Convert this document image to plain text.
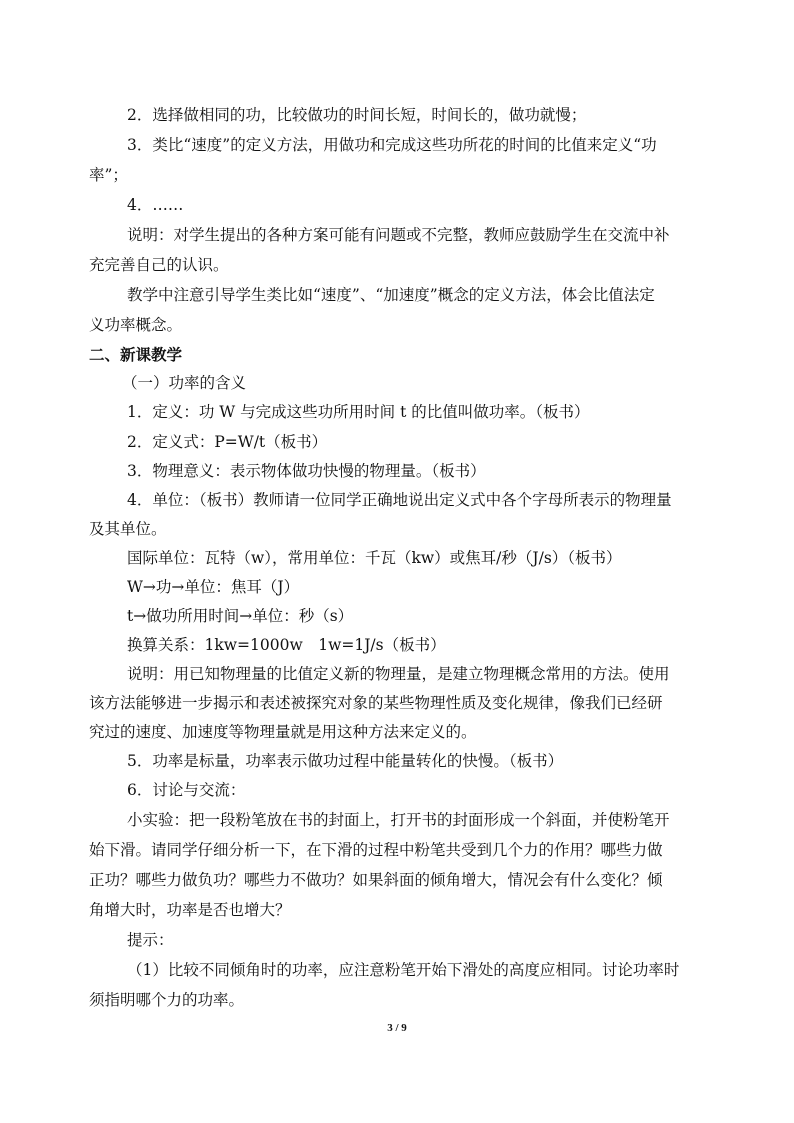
2．选择做相同的功，比较做功的时间长短，时间长的，做功就慢；
3．类比“速度”的定义方法，用做功和完成这些功所花的时间的比值来定义“功
率”；
4．……
说明：对学生提出的各种方案可能有问题或不完整，教师应鼓励学生在交流中补
充完善自己的认识。
教学中注意引导学生类比如“速度”、“加速度”概念的定义方法，体会比值法定
义功率概念。
二、新课教学
（一）功率的含义
1．定义：功 W 与完成这些功所用时间 t 的比值叫做功率。（板书）
2．定义式：P=W/t（板书）
3．物理意义：表示物体做功快慢的物理量。（板书）
4．单位：（板书）教师请一位同学正确地说出定义式中各个字母所表示的物理量
及其单位。
国际单位：瓦特（w），常用单位：千瓦（kw）或焦耳/秒（J/s）（板书）
W→功→单位：焦耳（J）
t→做功所用时间→单位：秒（s）
换算关系：1kw=1000w　1w=1J/s（板书）
说明：用已知物理量的比值定义新的物理量，是建立物理概念常用的方法。使用
该方法能够进一步揭示和表述被探究对象的某些物理性质及变化规律，像我们已经研
究过的速度、加速度等物理量就是用这种方法来定义的。
5．功率是标量，功率表示做功过程中能量转化的快慢。（板书）
6．讨论与交流：
小实验：把一段粉笔放在书的封面上，打开书的封面形成一个斜面，并使粉笔开
始下滑。请同学仔细分析一下，在下滑的过程中粉笔共受到几个力的作用？哪些力做
正功？哪些力做负功？哪些力不做功？如果斜面的倾角增大，情况会有什么变化？倾
角增大时，功率是否也增大？
提示：
（1）比较不同倾角时的功率，应注意粉笔开始下滑处的高度应相同。讨论功率时
须指明哪个力的功率。
3 / 9
